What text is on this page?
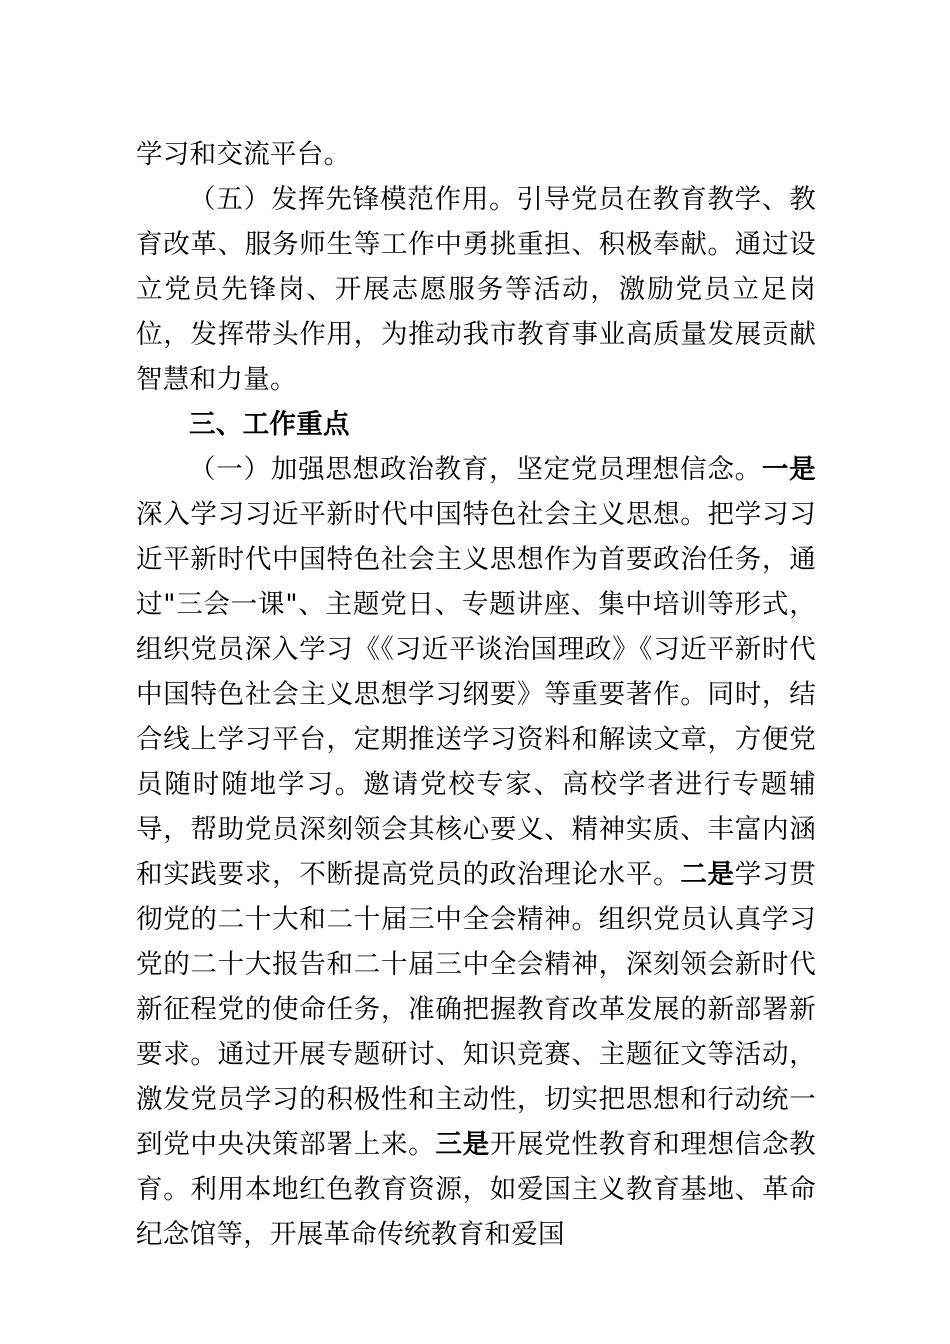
学习和交流平台。

（五）发挥先锋模范作用。引导党员在教育教学、教育改革、服务师生等工作中勇挑重担、积极奉献。通过设立党员先锋岗、开展志愿服务等活动，激励党员立足岗位，发挥带头作用，为推动我市教育事业高质量发展贡献智慧和力量。

三、工作重点

（一）加强思想政治教育，坚定党员理想信念。一是深入学习习近平新时代中国特色社会主义思想。把学习习近平新时代中国特色社会主义思想作为首要政治任务，通过"三会一课"、主题党日、专题讲座、集中培训等形式，组织党员深入学习《《习近平谈治国理政》《习近平新时代中国特色社会主义思想学习纲要》等重要著作。同时，结合线上学习平台，定期推送学习资料和解读文章，方便党员随时随地学习。邀请党校专家、高校学者进行专题辅导，帮助党员深刻领会其核心要义、精神实质、丰富内涵和实践要求，不断提高党员的政治理论水平。二是学习贯彻党的二十大和二十届三中全会精神。组织党员认真学习党的二十大报告和二十届三中全会精神，深刻领会新时代新征程党的使命任务，准确把握教育改革发展的新部署新要求。通过开展专题研讨、知识竞赛、主题征文等活动，激发党员学习的积极性和主动性，切实把思想和行动统一到党中央决策部署上来。三是开展党性教育和理想信念教育。利用本地红色教育资源，如爱国主义教育基地、革命纪念馆等，开展革命传统教育和爱国
